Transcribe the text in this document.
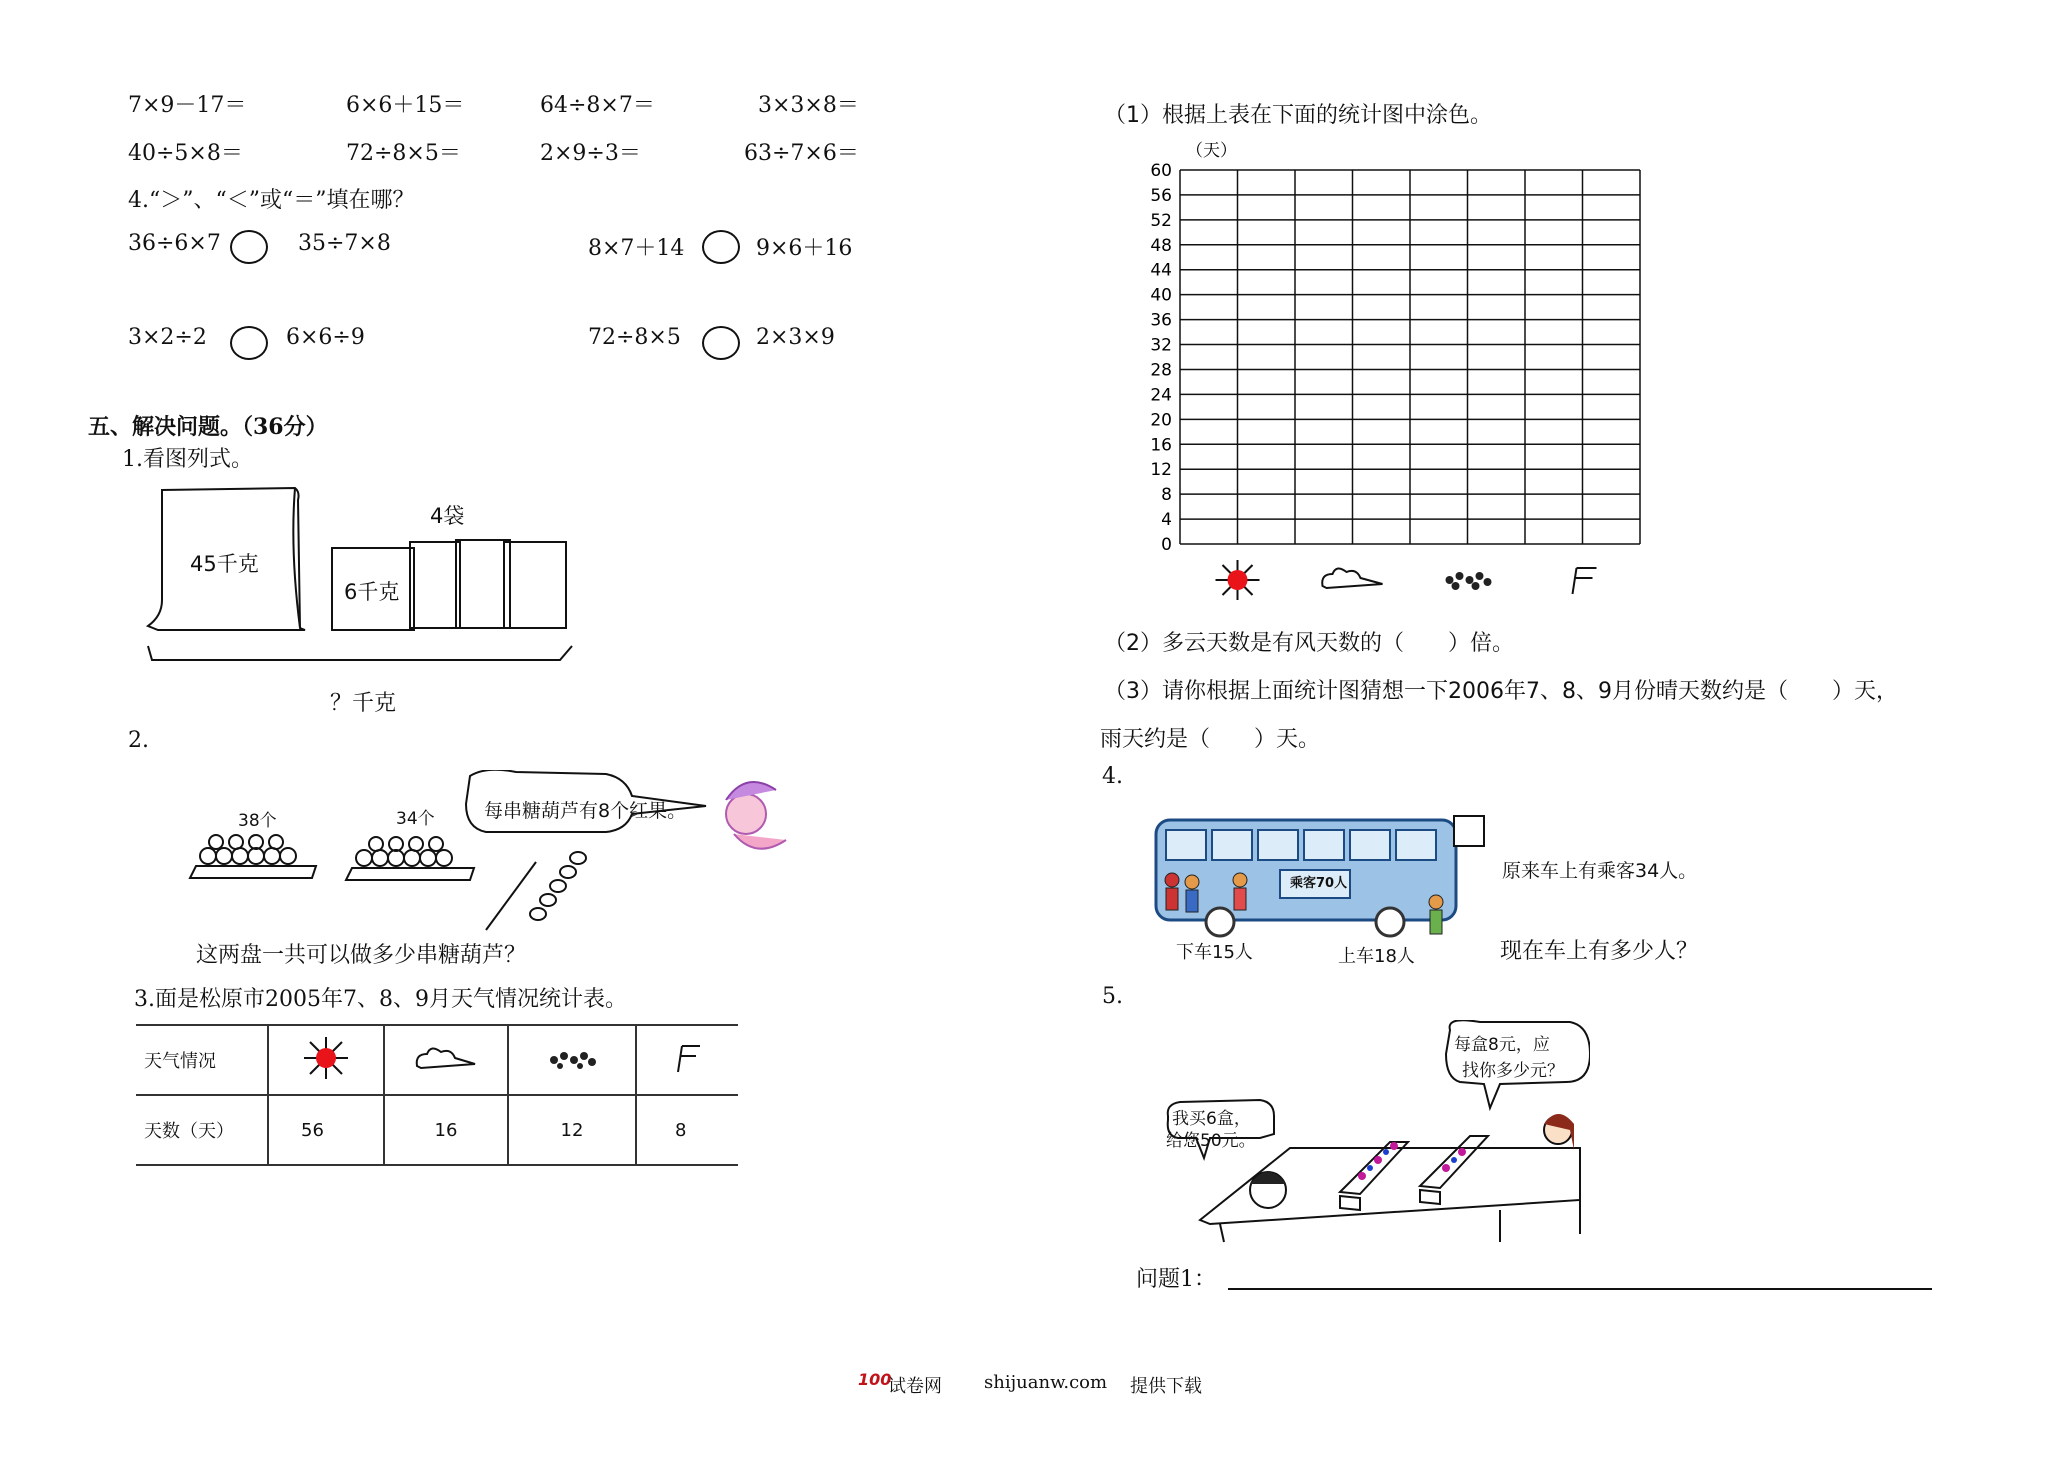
7×9－17＝	6×6＋15＝	64÷8×7＝	3×3×8＝
40÷5×8＝	72÷8×5＝	2×9÷3＝	63÷7×6＝
4.“＞”、“＜”或“＝”填在哪？
36÷6×7	35÷7×8	8×7＋14	9×6＋16
3×2÷2	6×6÷9	72÷8×5	2×3×9
五、解决问题。（36分）
1.看图列式。
45千克
6千克
4袋
？千克
2.
38个	34个	每串糖葫芦有8个红果。
这两盘一共可以做多少串糖葫芦？
3.面是松原市2005年7、8、9月天气情况统计表。
天气情况				
天数（天）	56	16	12	8
（1）根据上表在下面的统计图中涂色。
（天）
0
4
8
12
16
20
24
28
32
36
40
44
48
52
56
60
（2）多云天数是有风天数的（　　）倍。
（3）请你根据上面统计图猜想一下2006年7、8、9月份晴天数约是（　　）天，
雨天约是（　　）天。
4.
乘客70人
下车15人	上车18人
原来车上有乘客34人。
现在车上有多少人？
5.
我买6盒，
给您50元。
每盒8元，应
找你多少元？
问题1：
100
试卷网 shijuanw.com 提供下载
